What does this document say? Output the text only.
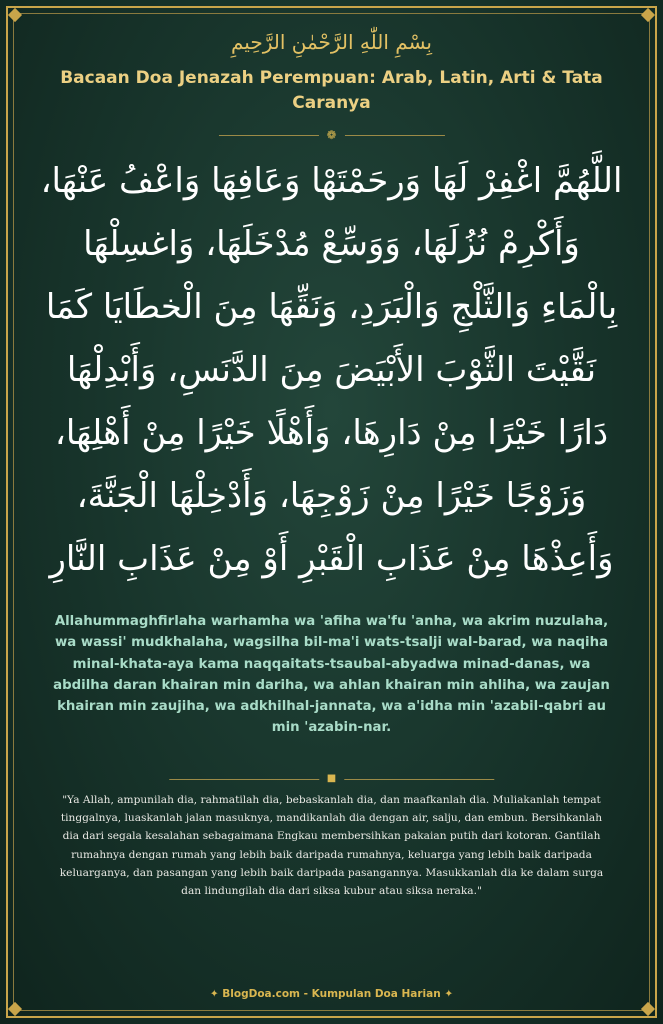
بِسْمِ اللّٰهِ الرَّحْمٰنِ الرَّحِيمِ
Bacaan Doa Jenazah Perempuan: Arab, Latin, Arti & Tata Caranya
❁
اللَّهُمَّ اغْفِرْ لَهَا وَرحَمْتَهْا وَعَافِهَا وَاعْفُ عَنْهَا، وَأَكْرِمْ نُزُلَهَا، وَوَسِّعْ مُدْخَلَهَا، وَاغسِلْهَا بِالْمَاءِ وَالثَّلْجِ وَالْبَرَدِ، وَنَقِّهَا مِنَ الْخطَايَا كَمَا نَقَّيْتَ الثَّوْبَ الأَبْيَضَ مِنَ الدَّنَسِ، وَأَبْدِلْهَا دَارًا خَيْرًا مِنْ دَارِهَا، وَأَهْلًا خَيْرًا مِنْ أَهْلِهَا، وَزَوْجًا خَيْرًا مِنْ زَوْجِهَا، وَأَدْخِلْهَا الْجَنَّةَ، وَأَعِذْهَا مِنْ عَذَابِ الْقَبْرِ أَوْ مِنْ عَذَابِ النَّارِ
Allahummaghfirlaha warhamha wa 'afiha wa'fu 'anha, wa akrim nuzulaha, wa wassi' mudkhalaha, wagsilha bil-ma'i wats-tsalji wal-barad, wa naqiha minal-khata-aya kama naqqaitats-tsaubal-abyadwa minad-danas, wa abdilha daran khairan min dariha, wa ahlan khairan min ahliha, wa zaujan khairan min zaujiha, wa adkhilhal-jannata, wa a'idha min 'azabil-qabri au min 'azabin-nar.
■
"Ya Allah, ampunilah dia, rahmatilah dia, bebaskanlah dia, dan maafkanlah dia. Muliakanlah tempat tinggalnya, luaskanlah jalan masuknya, mandikanlah dia dengan air, salju, dan embun. Bersihkanlah dia dari segala kesalahan sebagaimana Engkau membersihkan pakaian putih dari kotoran. Gantilah rumahnya dengan rumah yang lebih baik daripada rumahnya, keluarga yang lebih baik daripada keluarganya, dan pasangan yang lebih baik daripada pasangannya. Masukkanlah dia ke dalam surga dan lindungilah dia dari siksa kubur atau siksa neraka."
✦ BlogDoa.com - Kumpulan Doa Harian ✦
